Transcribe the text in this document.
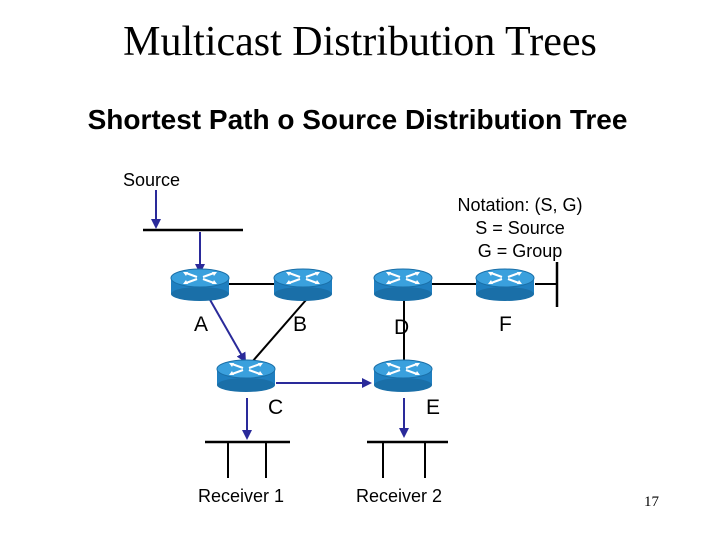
Multicast Distribution Trees
Shortest Path o Source Distribution Tree
Source
Notation: (S, G)
S = Source
G = Group
A	B	D	F
C	E
Receiver 1	Receiver 2	17
